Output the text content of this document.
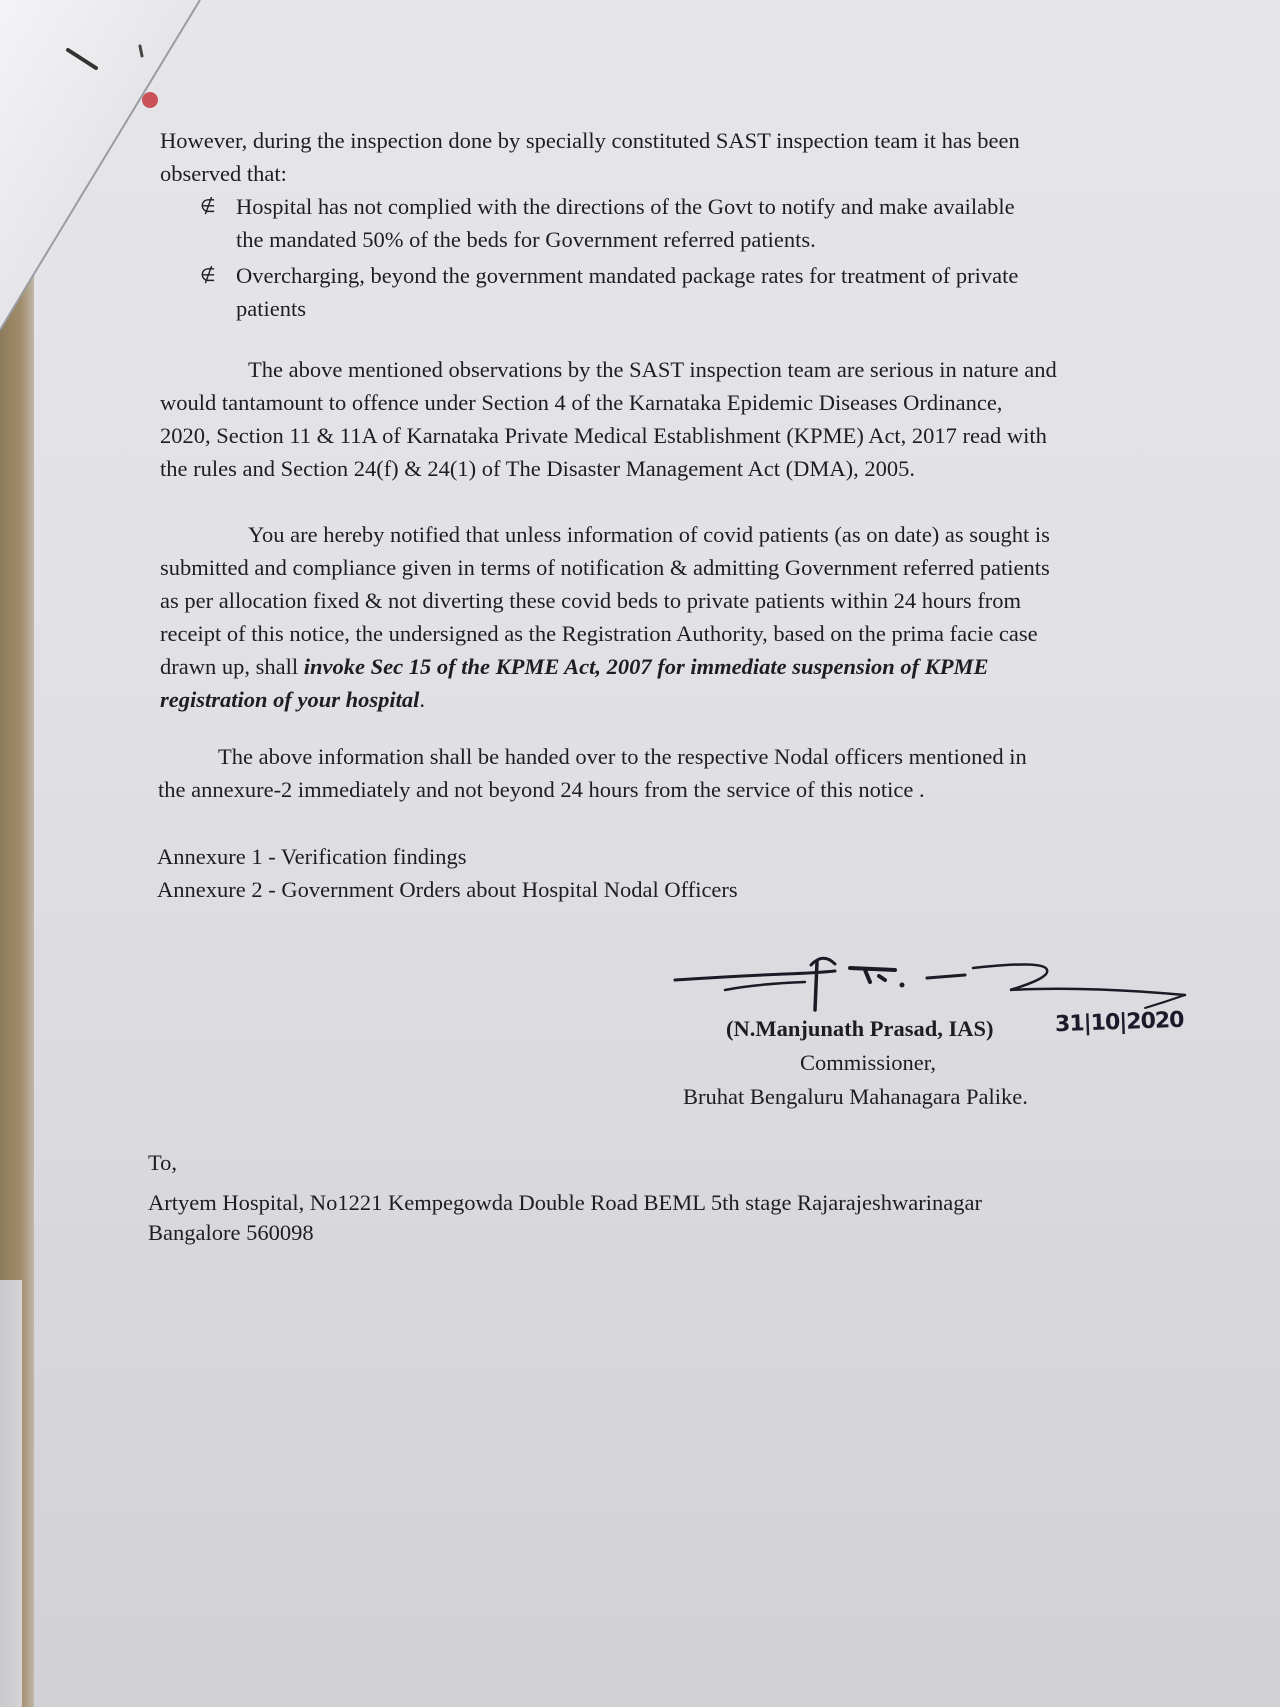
However, during the inspection done by specially constituted SAST inspection team it has been

observed that:

∉ Hospital has not complied with the directions of the Govt to notify and make available
the mandated 50% of the beds for Government referred patients.
∉ Overcharging, beyond the government mandated package rates for treatment of private
patients
The above mentioned observations by the SAST inspection team are serious in nature and
would tantamount to offence under Section 4 of the Karnataka Epidemic Diseases Ordinance,
2020, Section 11 & 11A of Karnataka Private Medical Establishment (KPME) Act, 2017 read with
the rules and Section 24(f) & 24(1) of The Disaster Management Act (DMA), 2005.
You are hereby notified that unless information of covid patients (as on date) as sought is
submitted and compliance given in terms of notification & admitting Government referred patients
as per allocation fixed & not diverting these covid beds to private patients within 24 hours from
receipt of this notice, the undersigned as the Registration Authority, based on the prima facie case
drawn up, shall invoke Sec 15 of the KPME Act, 2007 for immediate suspension of KPME
registration of your hospital.
The above information shall be handed over to the respective Nodal officers mentioned in
the annexure-2 immediately and not beyond 24 hours from the service of this notice .
Annexure 1 - Verification findings
Annexure 2 - Government Orders about Hospital Nodal Officers

(N.Manjunath Prasad, IAS)

Commissioner,

Bruhat Bengaluru Mahanagara Palike.

31|10|2020

To,

Artyem Hospital, No1221 Kempegowda Double Road BEML 5th stage Rajarajeshwarinagar

Bangalore 560098
